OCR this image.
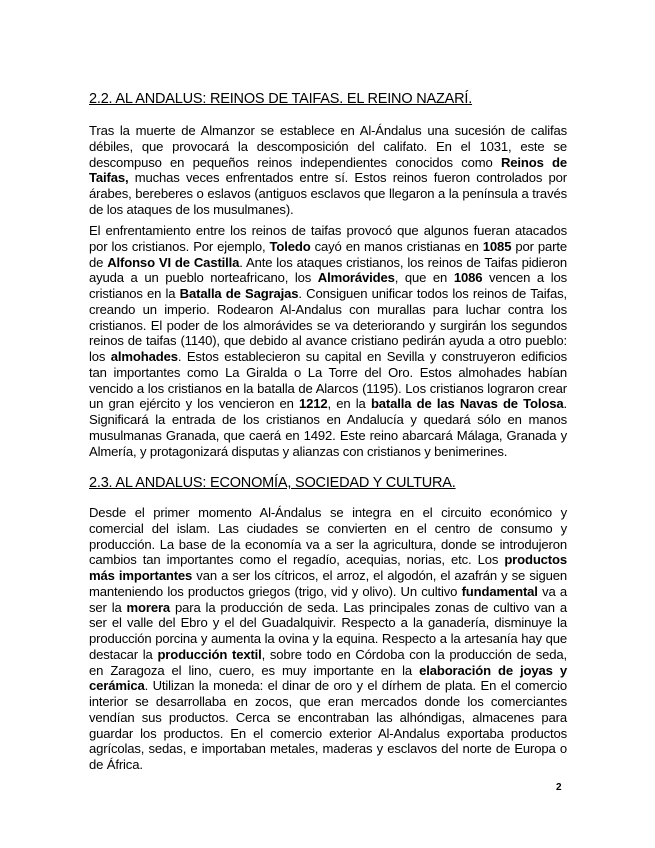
2.2. AL ANDALUS: REINOS DE TAIFAS. EL REINO NAZARÍ.

Tras la muerte de Almanzor se establece en Al-Ándalus una sucesión de califas débiles, que provocará la descomposición del califato. En el 1031, este se descompuso en pequeños reinos independientes conocidos como Reinos de Taifas, muchas veces enfrentados entre sí. Estos reinos fueron controlados por árabes, bereberes o eslavos (antiguos esclavos que llegaron a la península a través de los ataques de los musulmanes).

El enfrentamiento entre los reinos de taifas provocó que algunos fueran atacados por los cristianos. Por ejemplo, Toledo cayó en manos cristianas en 1085 por parte de Alfonso VI de Castilla. Ante los ataques cristianos, los reinos de Taifas pidieron ayuda a un pueblo norteafricano, los Almorávides, que en 1086 vencen a los cristianos en la Batalla de Sagrajas. Consiguen unificar todos los reinos de Taifas, creando un imperio. Rodearon Al-Andalus con murallas para luchar contra los cristianos. El poder de los almorávides se va deteriorando y surgirán los segundos reinos de taifas (1140), que debido al avance cristiano pedirán ayuda a otro pueblo: los almohades. Estos establecieron su capital en Sevilla y construyeron edificios tan importantes como La Giralda o La Torre del Oro. Estos almohades habían vencido a los cristianos en la batalla de Alarcos (1195). Los cristianos lograron crear un gran ejército y los vencieron en 1212, en la batalla de las Navas de Tolosa. Significará la entrada de los cristianos en Andalucía y quedará sólo en manos musulmanas Granada, que caerá en 1492. Este reino abarcará Málaga, Granada y Almería, y protagonizará disputas y alianzas con cristianos y benimerines.

2.3. AL ANDALUS: ECONOMÍA, SOCIEDAD Y CULTURA.

Desde el primer momento Al-Ándalus se integra en el circuito económico y comercial del islam. Las ciudades se convierten en el centro de consumo y producción. La base de la economía va a ser la agricultura, donde se introdujeron cambios tan importantes como el regadío, acequias, norias, etc. Los productos más importantes van a ser los cítricos, el arroz, el algodón, el azafrán y se siguen manteniendo los productos griegos (trigo, vid y olivo). Un cultivo fundamental va a ser la morera para la producción de seda. Las principales zonas de cultivo van a ser el valle del Ebro y el del Guadalquivir. Respecto a la ganadería, disminuye la producción porcina y aumenta la ovina y la equina. Respecto a la artesanía hay que destacar la producción textil, sobre todo en Córdoba con la producción de seda, en Zaragoza el lino, cuero, es muy importante en la elaboración de joyas y cerámica. Utilizan la moneda: el dinar de oro y el dírhem de plata. En el comercio interior se desarrollaba en zocos, que eran mercados donde los comerciantes vendían sus productos. Cerca se encontraban las alhóndigas, almacenes para guardar los productos. En el comercio exterior Al-Andalus exportaba productos agrícolas, sedas, e importaban metales, maderas y esclavos del norte de Europa o de África.

2
